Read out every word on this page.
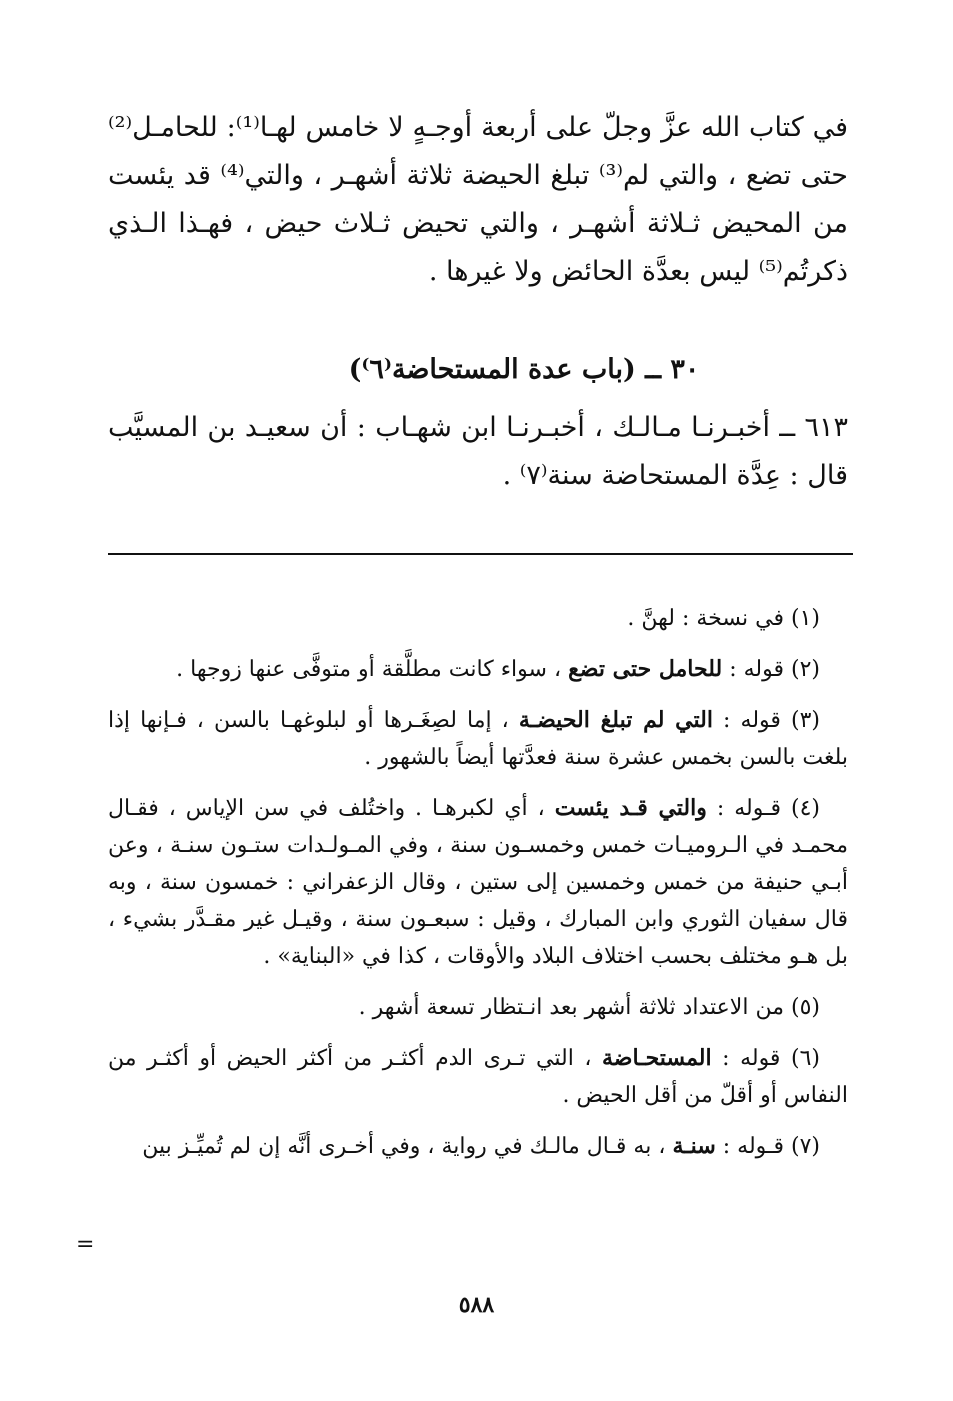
في كتاب الله عزَّ وجلّ على أربعة أوجـهٍ لا خامس لهـا⁽¹⁾: للحامـل⁽²⁾ حتى تضع ، والتي لم⁽³⁾ تبلغ الحيضة ثلاثة أشهـر ، والتي⁽⁴⁾ قد يئست من المحيض ثـلاثة أشهـر ، والتي تحيض ثـلاث حيض ، فهـذا الـذي ذكرتُم⁽⁵⁾ ليس بعدَّة الحائض ولا غيرها .

٣٠ ــ (باب عدة المستحاضة⁽٦⁾)

٦١٣ ــ أخبـرنـا مـالـك ، أخبـرنـا ابن شهـاب : أن سعيـد بن المسيَّب قال : عِدَّة المستحاضة سنة⁽٧⁾ .

(١) في نسخة : لهنَّ .

(٢) قوله : للحامل حتى تضع ، سواء كانت مطلَّقة أو متوفَّى عنها زوجها .

(٣) قوله : التي لم تبلغ الحيضـة ، إما لصِغَـرها أو لبلوغهـا بالسن ، فـإنها إذا بلغت بالسن بخمس عشرة سنة فعدَّتها أيضاً بالشهور .

(٤) قـوله : والتي قـد يئست ، أي لكبرهـا . واختُلف في سن الإياس ، فقـال محمـد في الـروميـات خمس وخمسـون سنة ، وفي المـولـدات ستـون سنـة ، وعن أبـي حنيفة من خمس وخمسين إلى ستين ، وقال الزعفراني : خمسون سنة ، وبه قال سفيان الثوري وابن المبارك ، وقيل : سبعـون سنة ، وقيـل غير مقـدَّر بشيء ، بل هـو مختلف بحسب اختلاف البلاد والأوقات ، كذا في «البناية» .

(٥) من الاعتداد ثلاثة أشهر بعد انـتظار تسعة أشهر .

(٦) قوله : المستحـاضة ، التي تـرى الدم أكثـر من أكثر الحيض أو أكثـر من النفاس أو أقلّ من أقل الحيض .

(٧) قـوله : سنـة ، به قـال مالـك في رواية ، وفي أخـرى أنَّه إن لم تُميِّـز بين

=
٥٨٨
